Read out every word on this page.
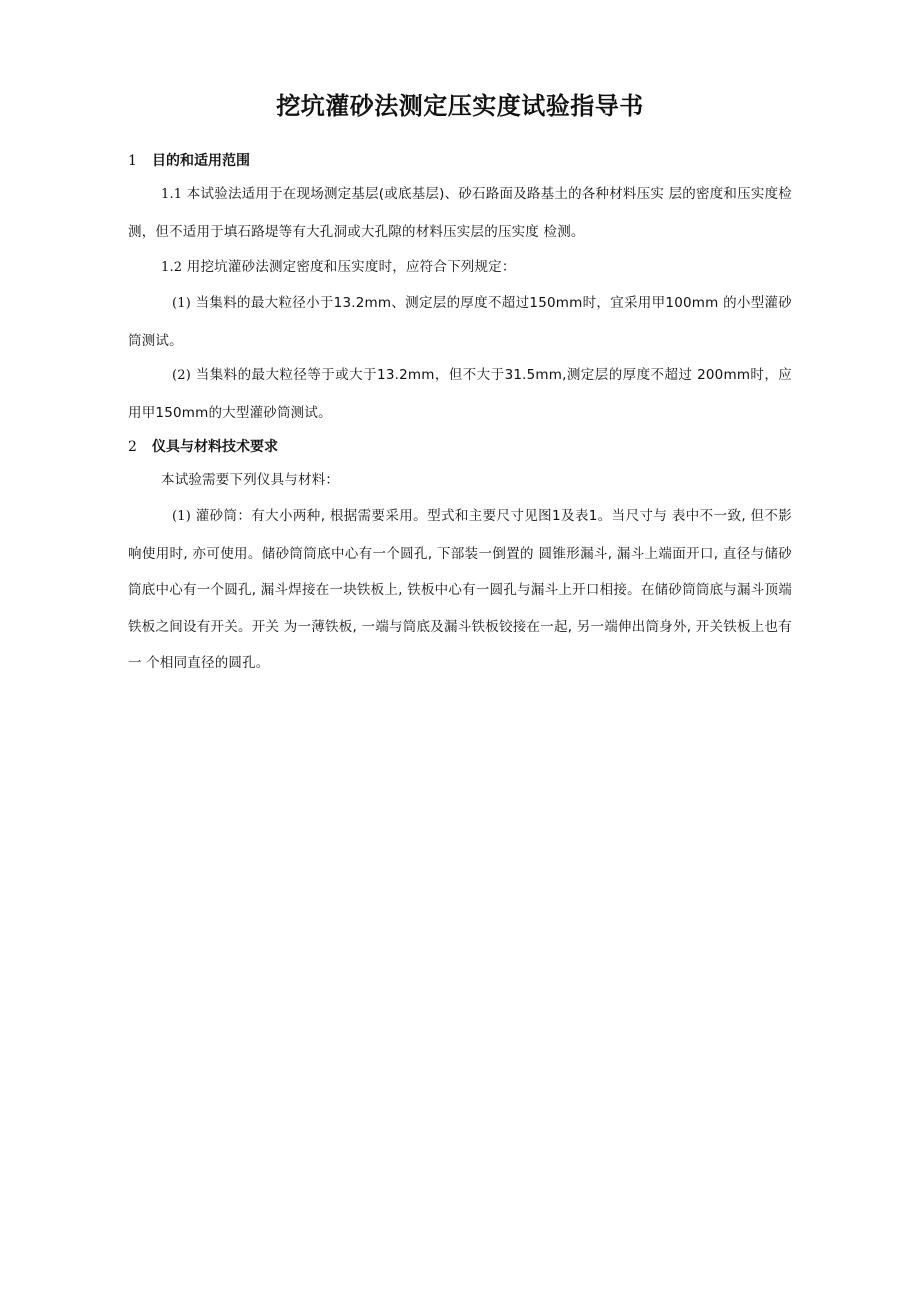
挖坑灌砂法测定压实度试验指导书
1 目的和适用范围
1.1 本试验法适用于在现场测定基层(或底基层)、砂石路面及路基土的各种材料压实 层的密度和压实度检测，但不适用于填石路堤等有大孔洞或大孔隙的材料压实层的压实度 检测。
1.2 用挖坑灌砂法测定密度和压实度时，应符合下列规定：
(1) 当集料的最大粒径小于13.2mm、测定层的厚度不超过150mm时，宜采用甲100mm 的小型灌砂筒测试。
(2) 当集料的最大粒径等于或大于13.2mm，但不大于31.5mm,测定层的厚度不超过 200mm时，应用甲150mm的大型灌砂筒测试。
2 仪具与材料技术要求
本试验需要下列仪具与材料：
(1) 灌砂筒：有大小两种, 根据需要采用。型式和主要尺寸见图1及表1。当尺寸与 表中不一致, 但不影响使用时, 亦可使用。储砂筒筒底中心有一个圆孔, 下部装一倒置的 圆锥形漏斗, 漏斗上端面开口, 直径与储砂筒底中心有一个圆孔, 漏斗焊接在一块铁板上, 铁板中心有一圆孔与漏斗上开口相接。在储砂筒筒底与漏斗顶端铁板之间设有开关。开关 为一薄铁板, 一端与筒底及漏斗铁板铰接在一起, 另一端伸出筒身外, 开关铁板上也有一 个相同直径的圆孔。
